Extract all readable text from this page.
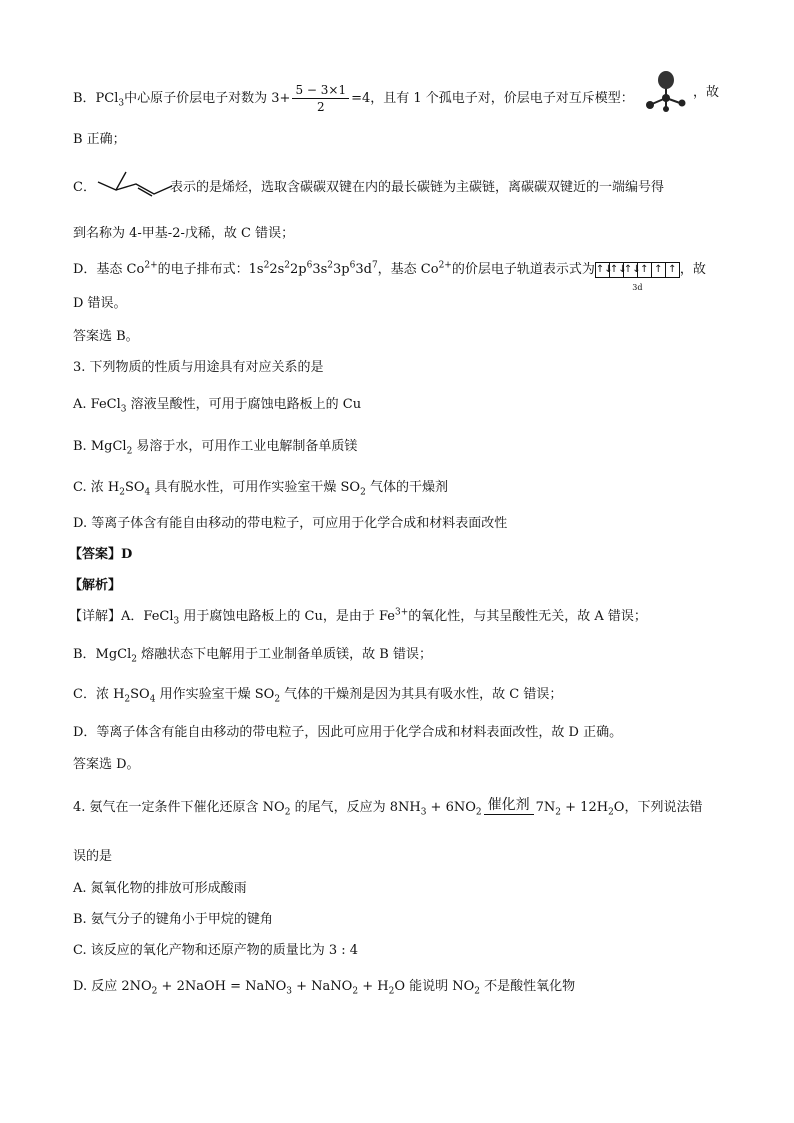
B．PCl$_3$中心原子价层电子对数为 $3+ \frac{5 - 3\times 1}{2} =4$，且有 1 个孤电子对，价层电子对互斥模型：	，故
B 正确；
C．	表示的是烯烃，选取含碳碳双键在内的最长碳链为主碳链，离碳碳双键近的一端编号得
到名称为 4-甲基-2-戊稀，故 C 错误；
D．基态 $Co^{2+}$的电子排布式：$1s^22s^22p^63s^23p^63d^7$，基态 $Co^{2+}$的价层电子轨道表示式为 ↑↓
↑↓
↑↓ ↑ ↑ ↑
3d
，故
D 错误。
答案选 B。
3. 下列物质的性质与用途具有对应关系的是
A. FeCl$_3$ 溶液呈酸性，可用于腐蚀电路板上的 Cu
B. MgCl$_2$ 易溶于水，可用作工业电解制备单质镁
C. 浓 $H_2SO_4$ 具有脱水性，可用作实验室干燥 $SO_2$ 气体的干燥剂
D. 等离子体含有能自由移动的带电粒子，可应用于化学合成和材料表面改性
【答案】D
【解析】
【详解】A．FeCl$_3$ 用于腐蚀电路板上的 Cu，是由于 $Fe^{3+}$的氧化性，与其呈酸性无关，故 A 错误；
B．MgCl$_2$ 熔融状态下电解用于工业制备单质镁，故 B 错误；
C．浓 $H_2SO_4$ 用作实验室干燥 $SO_2$ 气体的干燥剂是因为其具有吸水性，故 C 错误；
D．等离子体含有能自由移动的带电粒子，因此可应用于化学合成和材料表面改性，故 D 正确。
答案选 D。
4. 氨气在一定条件下催化还原含 $NO_2$ 的尾气，反应为 $8NH_3 + 6NO_2$ 催化剂 $7N_2 + 12H_2O$，下列说法错
误的是
A. 氮氧化物的排放可形成酸雨
B. 氨气分子的键角小于甲烷的键角
C. 该反应的氧化产物和还原产物的质量比为 3 : 4
D. 反应 $2NO_2$ + 2NaOH = NaNO$_3$ + NaNO$_2$ + $H_2O$ 能说明 $NO_2$ 不是酸性氧化物
